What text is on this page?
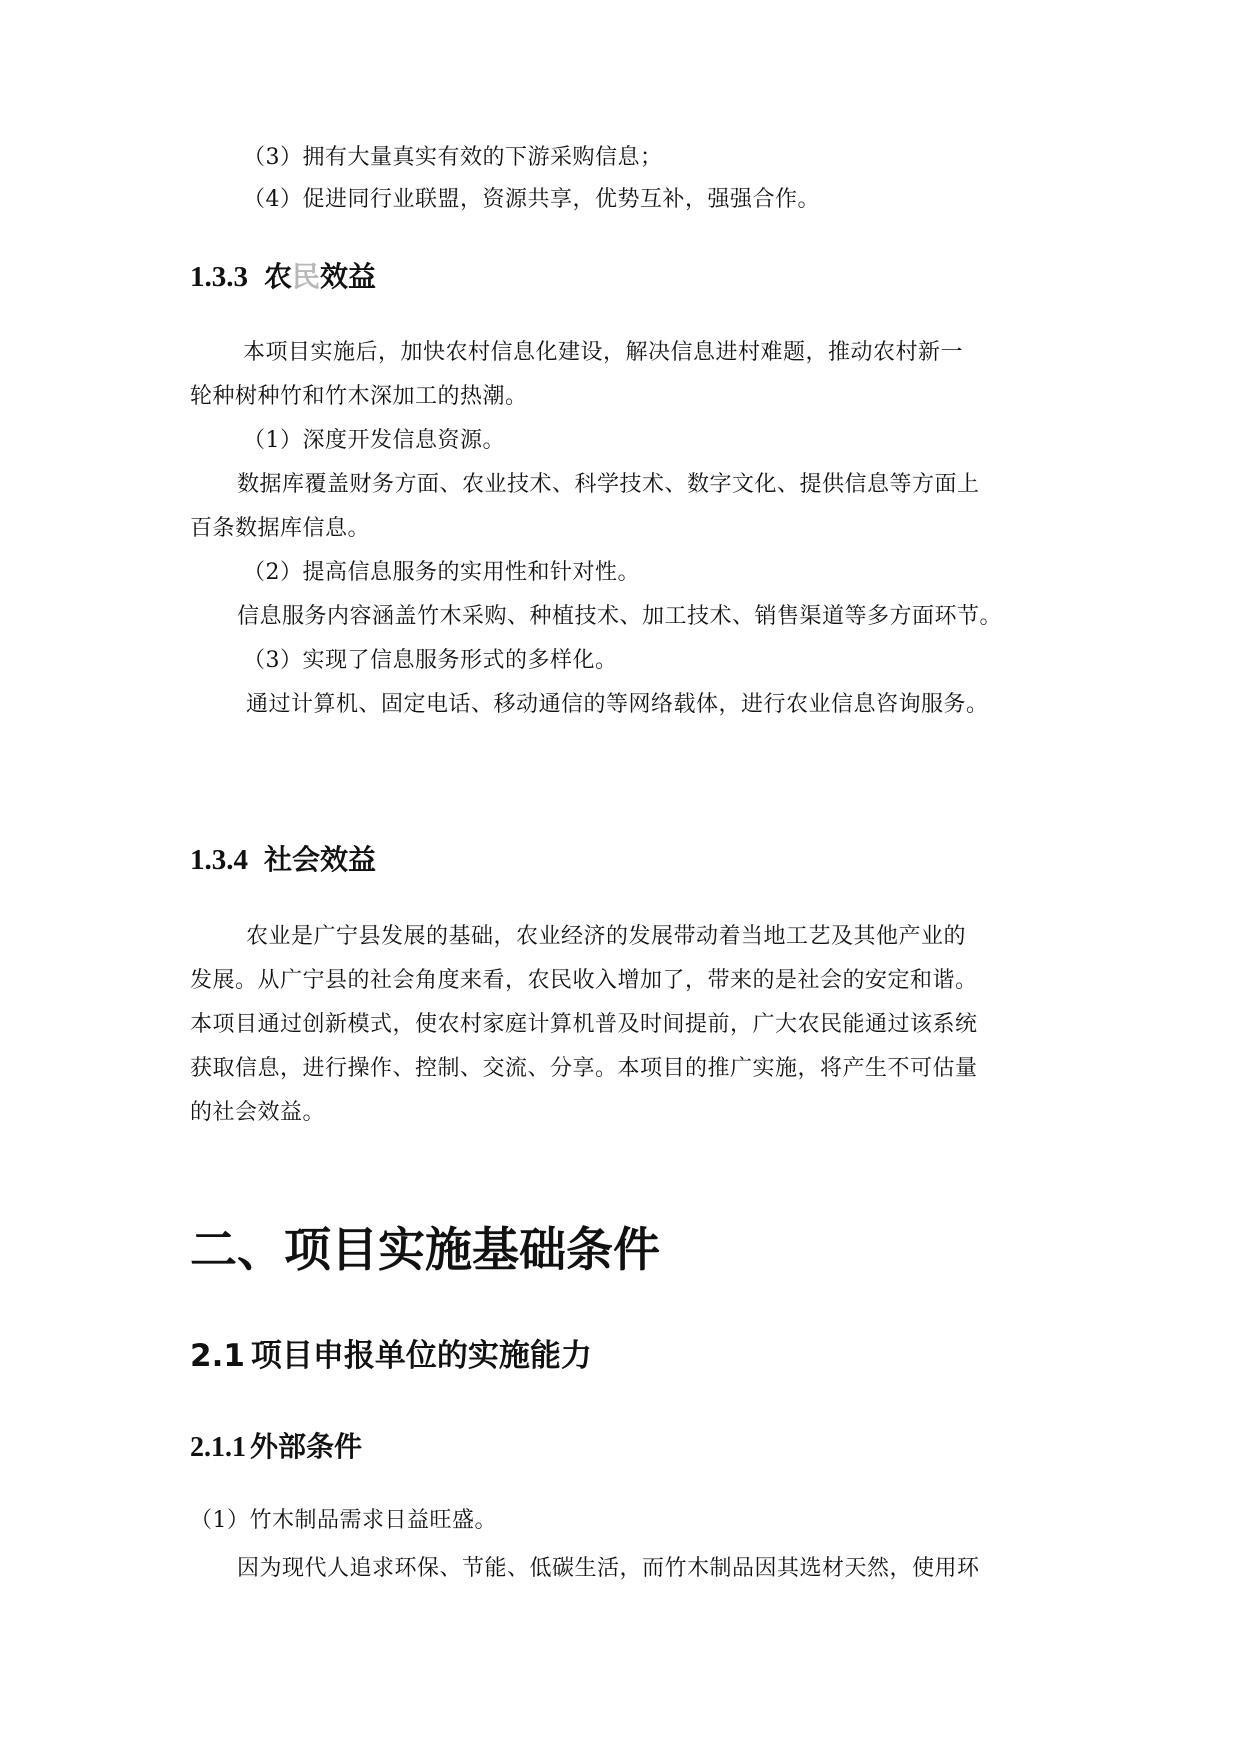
（3）拥有大量真实有效的下游采购信息；
（4）促进同行业联盟，资源共享，优势互补，强强合作。
1.3.3 农民效益
本项目实施后，加快农村信息化建设，解决信息进村难题，推动农村新一
轮种树种竹和竹木深加工的热潮。
（1）深度开发信息资源。
数据库覆盖财务方面、农业技术、科学技术、数字文化、提供信息等方面上
百条数据库信息。
（2）提高信息服务的实用性和针对性。
信息服务内容涵盖竹木采购、种植技术、加工技术、销售渠道等多方面环节。
（3）实现了信息服务形式的多样化。
通过计算机、固定电话、移动通信的等网络载体，进行农业信息咨询服务。
1.3.4 社会效益
农业是广宁县发展的基础，农业经济的发展带动着当地工艺及其他产业的
发展。从广宁县的社会角度来看，农民收入增加了，带来的是社会的安定和谐。
本项目通过创新模式，使农村家庭计算机普及时间提前，广大农民能通过该系统
获取信息，进行操作、控制、交流、分享。本项目的推广实施，将产生不可估量
的社会效益。
二、项目实施基础条件
2.1 项目申报单位的实施能力
2.1.1 外部条件
（1）竹木制品需求日益旺盛。
因为现代人追求环保、节能、低碳生活，而竹木制品因其选材天然，使用环
